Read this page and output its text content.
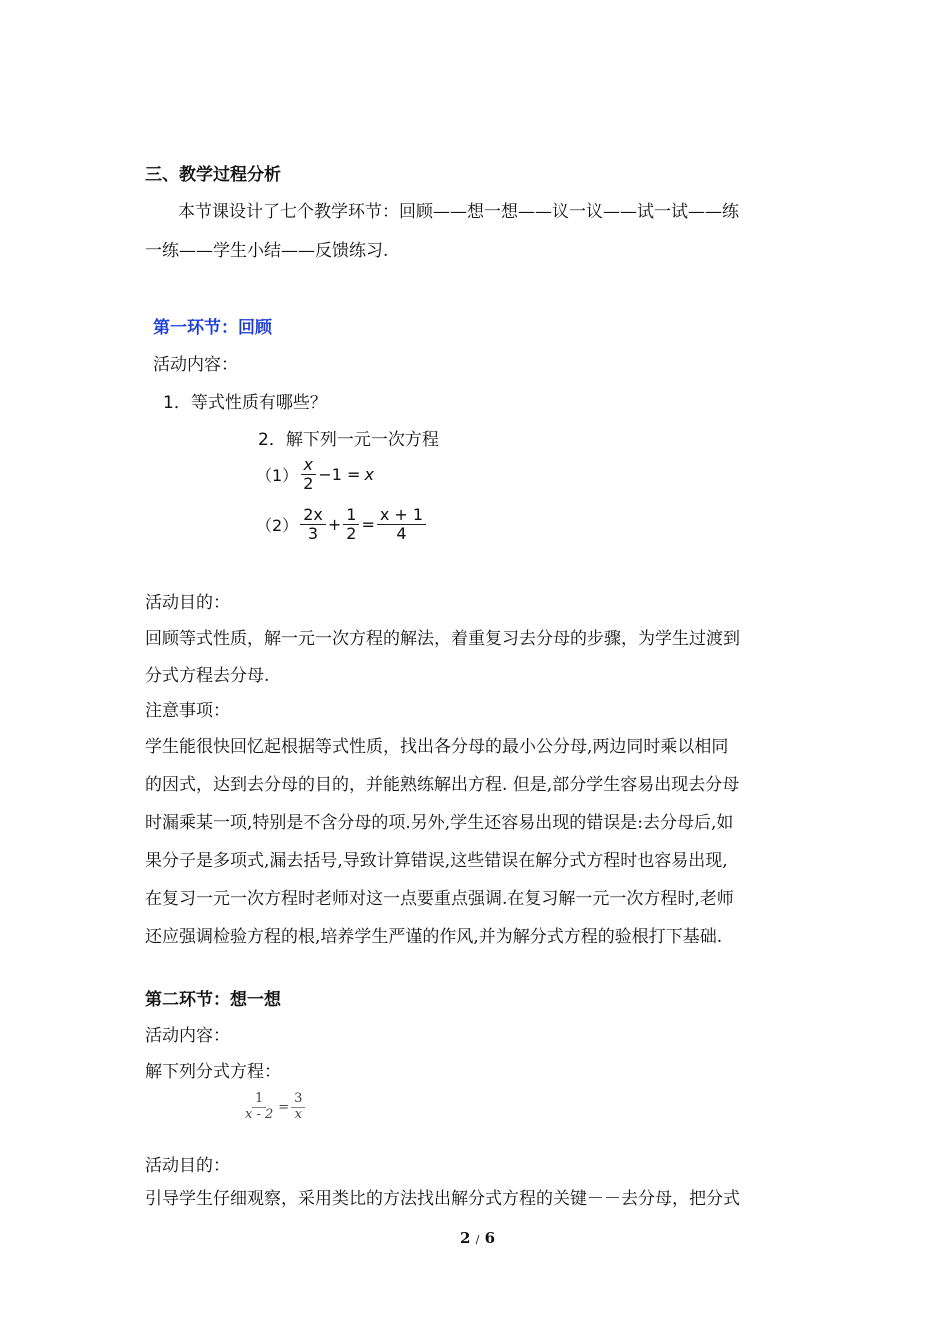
三、教学过程分析
本节课设计了七个教学环节：回顾——想一想——议一议——试一试——练
一练——学生小结——反馈练习.
第一环节：回顾
活动内容：
1．等式性质有哪些？
2．解下列一元一次方程
$(1) \frac{x}{2} -1 = x$
$(2) \frac{2x}{3} + \frac{1}{2} = \frac{x + 1}{4}$
活动目的：
回顾等式性质，解一元一次方程的解法，着重复习去分母的步骤，为学生过渡到
分式方程去分母.
注意事项：
学生能很快回忆起根据等式性质，找出各分母的最小公分母,两边同时乘以相同
的因式，达到去分母的目的，并能熟练解出方程. 但是,部分学生容易出现去分母
时漏乘某一项,特别是不含分母的项.另外,学生还容易出现的错误是:去分母后,如
果分子是多项式,漏去括号,导致计算错误,这些错误在解分式方程时也容易出现,
在复习一元一次方程时老师对这一点要重点强调.在复习解一元一次方程时,老师
还应强调检验方程的根,培养学生严谨的作风,并为解分式方程的验根打下基础.
第二环节：想一想
活动内容：
解下列分式方程：
$\frac{1}{x - 2} = \frac{3}{x}$
活动目的：
引导学生仔细观察，采用类比的方法找出解分式方程的关键－－去分母，把分式
2 / 6
